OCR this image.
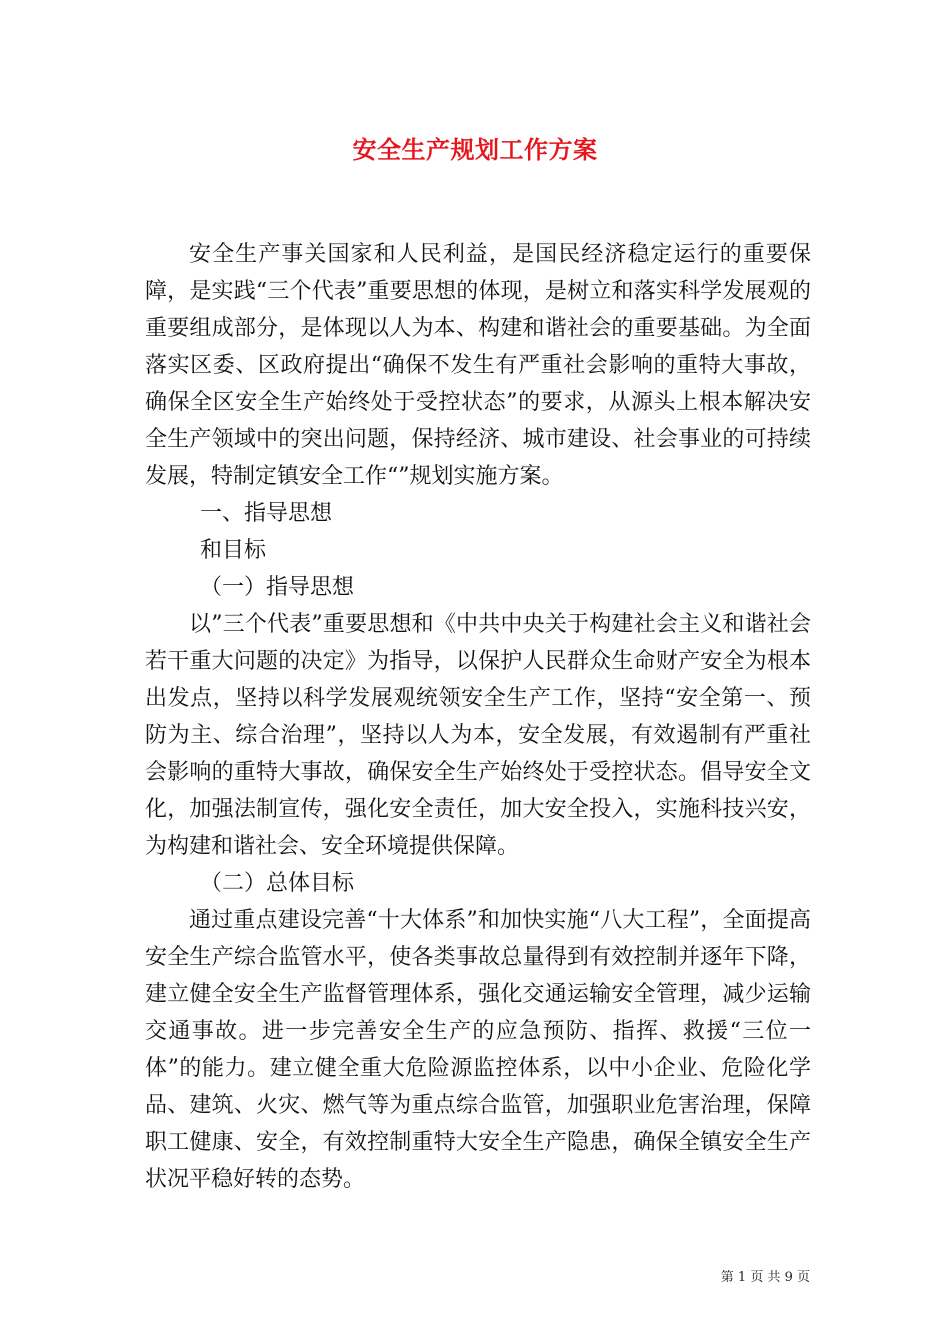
安全生产规划工作方案

安全生产事关国家和人民利益，是国民经济稳定运行的重要保障，是实践“三个代表”重要思想的体现，是树立和落实科学发展观的重要组成部分，是体现以人为本、构建和谐社会的重要基础。为全面落实区委、区政府提出“确保不发生有严重社会影响的重特大事故，确保全区安全生产始终处于受控状态”的要求，从源头上根本解决安全生产领域中的突出问题，保持经济、城市建设、社会事业的可持续发展，特制定镇安全工作“”规划实施方案。

一、指导思想

和目标

（一）指导思想

以”三个代表”重要思想和《中共中央关于构建社会主义和谐社会若干重大问题的决定》为指导，以保护人民群众生命财产安全为根本出发点，坚持以科学发展观统领安全生产工作，坚持“安全第一、预防为主、综合治理”，坚持以人为本，安全发展，有效遏制有严重社会影响的重特大事故，确保安全生产始终处于受控状态。倡导安全文化，加强法制宣传，强化安全责任，加大安全投入，实施科技兴安，为构建和谐社会、安全环境提供保障。

（二）总体目标

通过重点建设完善“十大体系”和加快实施“八大工程”，全面提高安全生产综合监管水平，使各类事故总量得到有效控制并逐年下降，建立健全安全生产监督管理体系，强化交通运输安全管理，减少运输交通事故。进一步完善安全生产的应急预防、指挥、救援“三位一体”的能力。建立健全重大危险源监控体系，以中小企业、危险化学品、建筑、火灾、燃气等为重点综合监管，加强职业危害治理，保障职工健康、安全，有效控制重特大安全生产隐患，确保全镇安全生产状况平稳好转的态势。

第 1 页 共 9 页
